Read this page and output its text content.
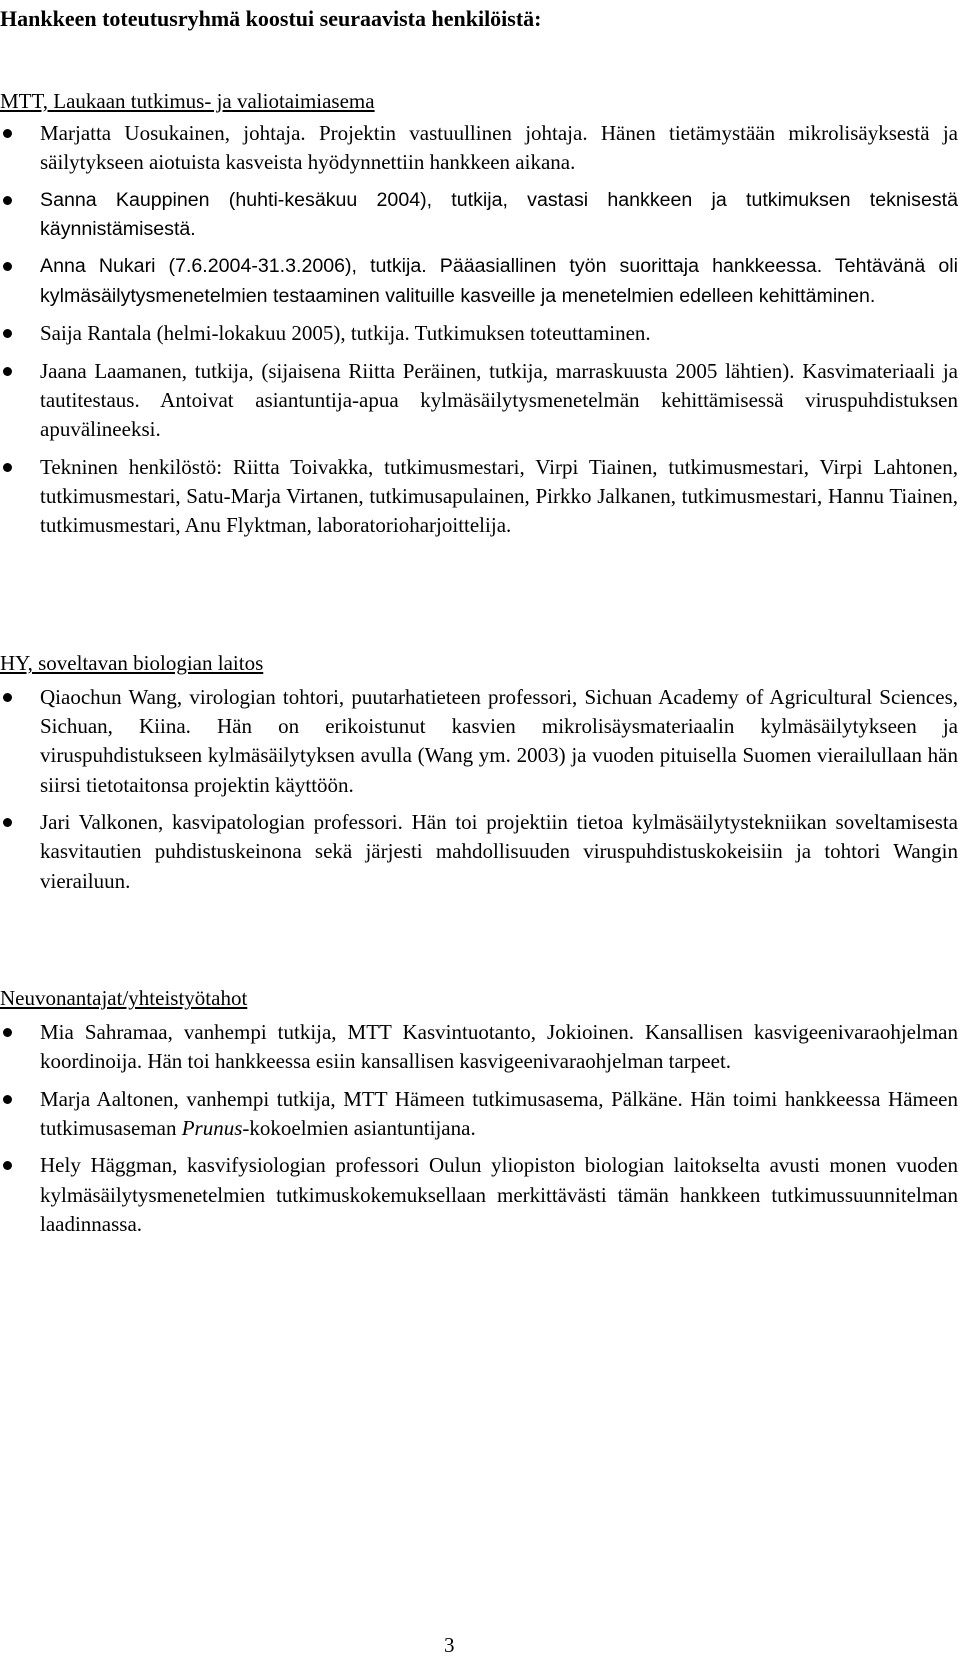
Hankkeen toteutusryhmä koostui seuraavista henkilöistä:
MTT, Laukaan tutkimus- ja valiotaimiasema
Marjatta Uosukainen, johtaja. Projektin vastuullinen johtaja. Hänen tietämystään mikrolisäyksestä ja säilytykseen aiotuista kasveista hyödynnettiin hankkeen aikana.
Sanna Kauppinen (huhti-kesäkuu 2004), tutkija, vastasi hankkeen ja tutkimuksen teknisestä käynnistämisestä.
Anna Nukari (7.6.2004-31.3.2006), tutkija. Pääasiallinen työn suorittaja hankkeessa. Tehtävänä oli kylmäsäilytysmenetelmien testaaminen valituille kasveille ja menetelmien edelleen kehittäminen.
Saija Rantala (helmi-lokakuu 2005), tutkija. Tutkimuksen toteuttaminen.
Jaana Laamanen, tutkija, (sijaisena Riitta Peräinen, tutkija, marraskuusta 2005 lähtien). Kasvimateriaali ja tautitestaus. Antoivat asiantuntija-apua kylmäsäilytysmenetelmän kehittämisessä viruspuhdistuksen apuvälineeksi.
Tekninen henkilöstö: Riitta Toivakka, tutkimusmestari, Virpi Tiainen, tutkimusmestari, Virpi Lahtonen, tutkimusmestari, Satu-Marja Virtanen, tutkimusapulainen, Pirkko Jalkanen, tutkimusmestari, Hannu Tiainen, tutkimusmestari, Anu Flyktman, laboratorioharjoittelija.
HY, soveltavan biologian laitos
Qiaochun Wang, virologian tohtori, puutarhatieteen professori, Sichuan Academy of Agricultural Sciences, Sichuan, Kiina. Hän on erikoistunut kasvien mikrolisäysmateriaalin kylmäsäilytykseen ja viruspuhdistukseen kylmäsäilytyksen avulla (Wang ym. 2003) ja vuoden pituisella Suomen vierailullaan hän siirsi tietotaitonsa projektin käyttöön.
Jari Valkonen, kasvipatologian professori. Hän toi projektiin tietoa kylmäsäilytystekniikan soveltamisesta kasvitautien puhdistuskeinona sekä järjesti mahdollisuuden viruspuhdistuskokeisiin ja tohtori Wangin vierailuun.
Neuvonantajat/yhteistyötahot
Mia Sahramaa, vanhempi tutkija, MTT Kasvintuotanto, Jokioinen. Kansallisen kasvigeenivaraohjelman koordinoija. Hän toi hankkeessa esiin kansallisen kasvigeenivaraohjelman tarpeet.
Marja Aaltonen, vanhempi tutkija, MTT Hämeen tutkimusasema, Pälkäne. Hän toimi hankkeessa Hämeen tutkimusaseman Prunus-kokoelmien asiantuntijana.
Hely Häggman, kasvifysiologian professori Oulun yliopiston biologian laitokselta avusti monen vuoden kylmäsäilytysmenetelmien tutkimuskokemuksellaan merkittävästi tämän hankkeen tutkimussuunnitelman laadinnassa.
3
